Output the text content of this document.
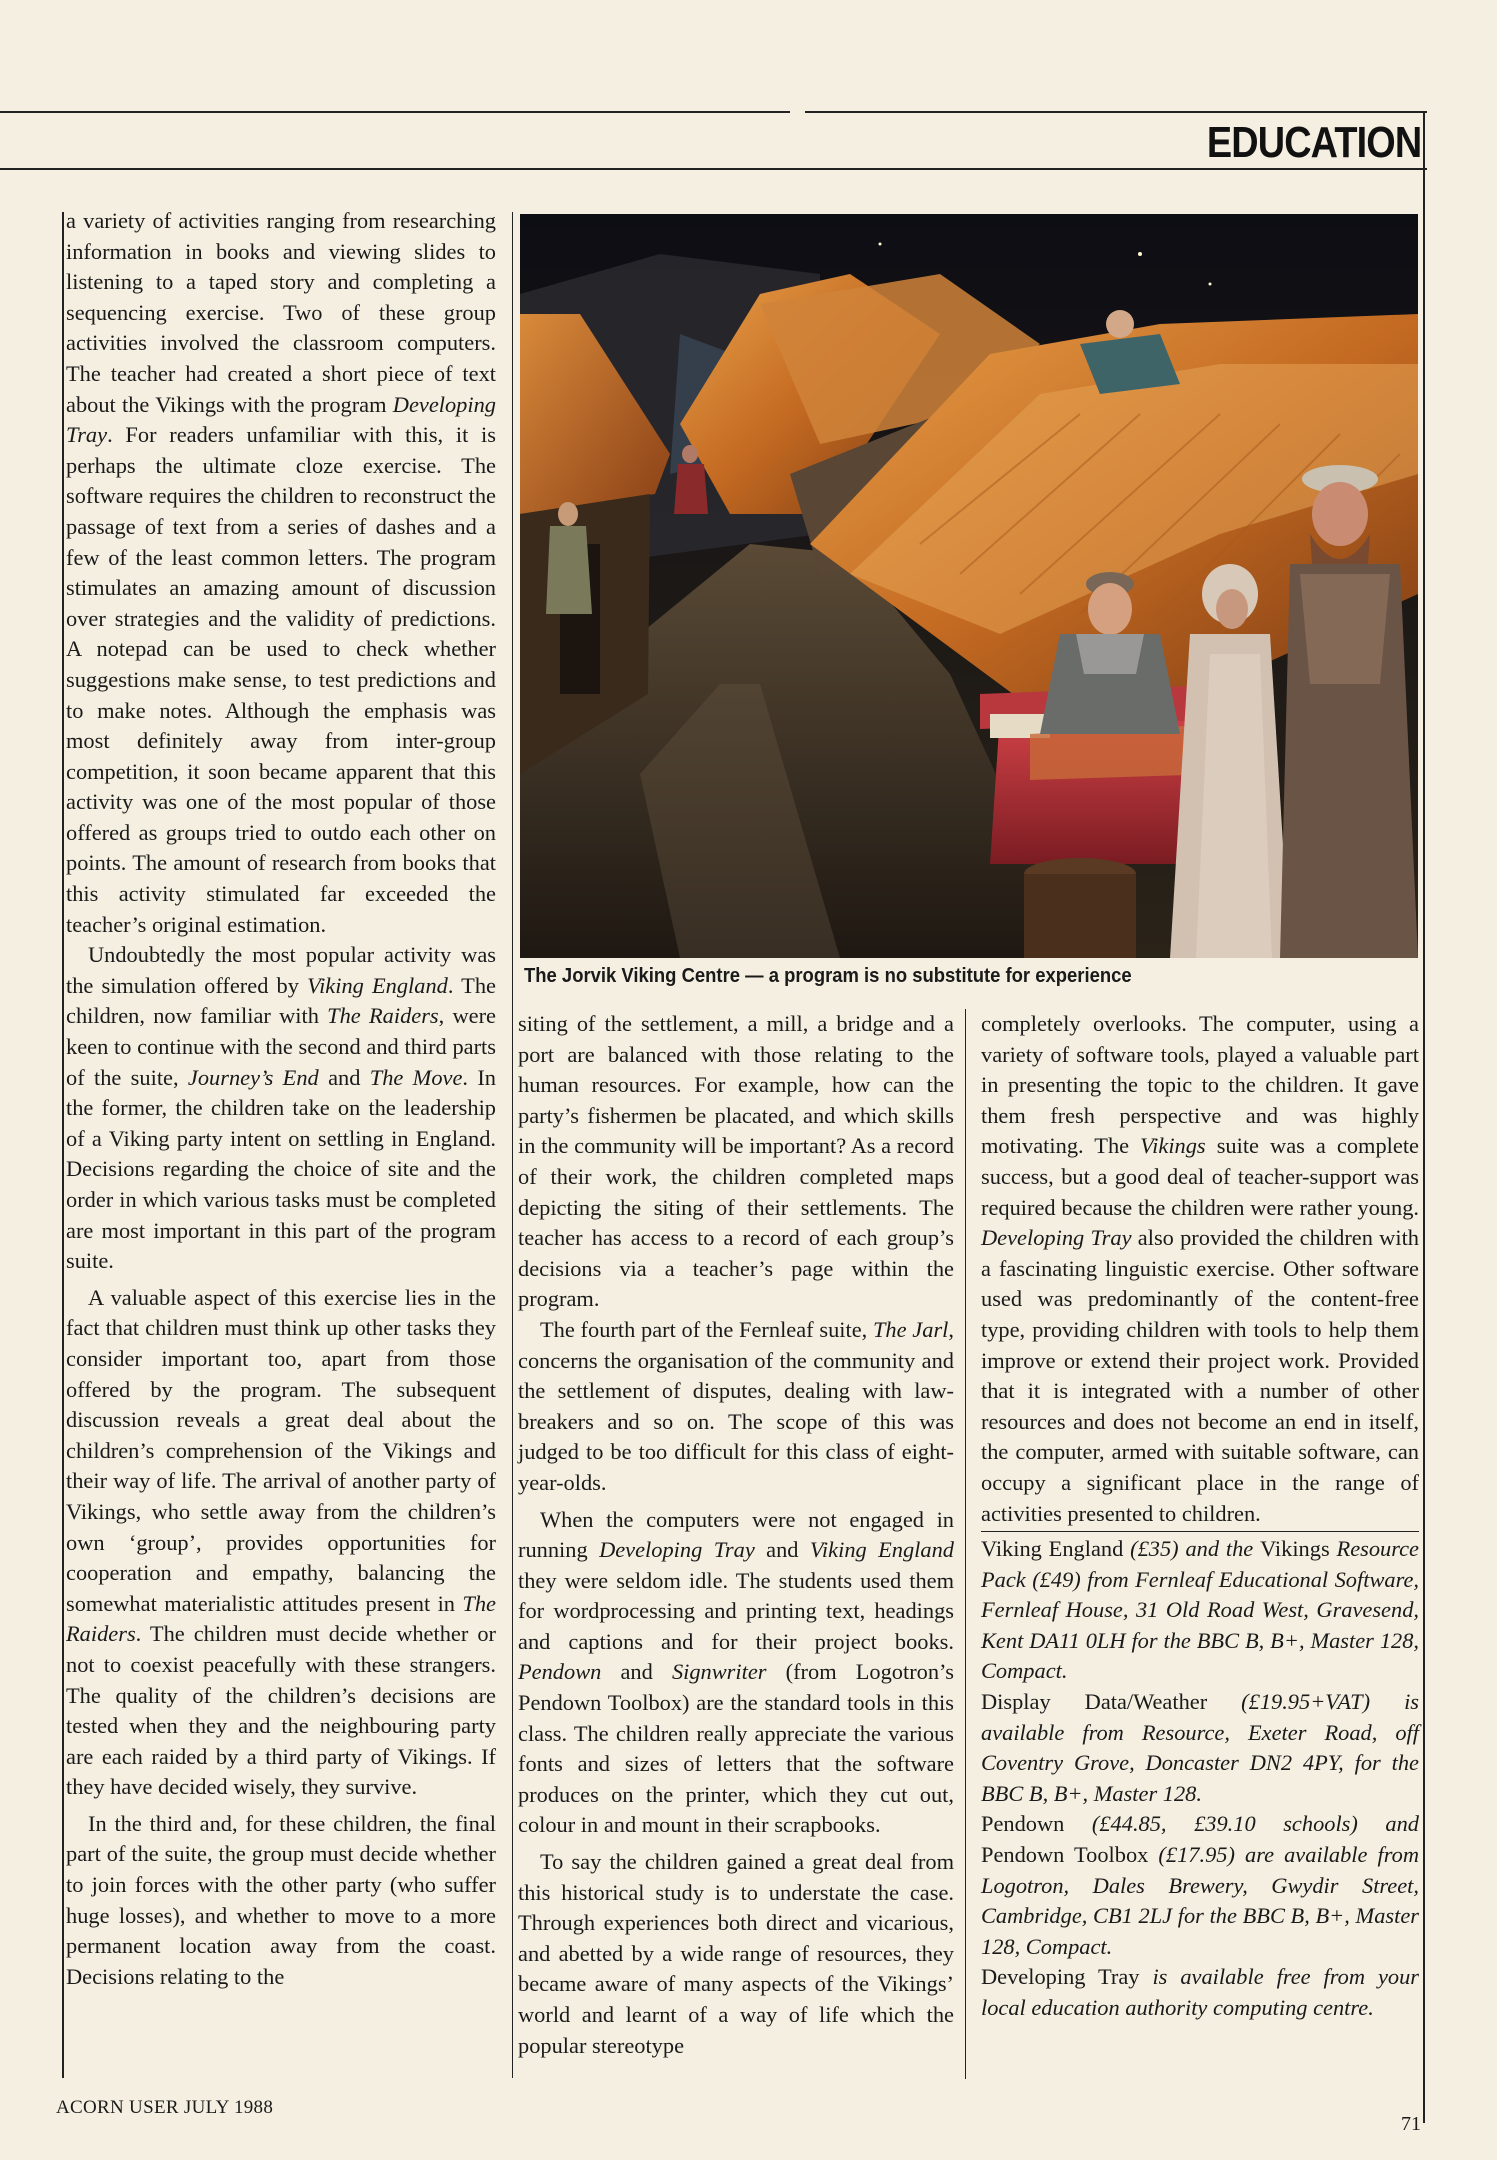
EDUCATION

a variety of activities ranging from researching information in books and viewing slides to listening to a taped story and completing a sequencing exercise. Two of these group activities involved the classroom computers. The teacher had created a short piece of text about the Vikings with the program Developing Tray. For readers unfamiliar with this, it is perhaps the ultimate cloze exercise. The software requires the children to reconstruct the passage of text from a series of dashes and a few of the least common letters. The program stimulates an amazing amount of discussion over strategies and the validity of predictions. A notepad can be used to check whether suggestions make sense, to test predictions and to make notes. Although the emphasis was most definitely away from inter-group competition, it soon became apparent that this activity was one of the most popular of those offered as groups tried to outdo each other on points. The amount of research from books that this activity stimulated far exceeded the teacher’s original estimation.

Undoubtedly the most popular activity was the simulation offered by Viking England. The children, now familiar with The Raiders, were keen to continue with the second and third parts of the suite, Journey’s End and The Move. In the former, the children take on the leadership of a Viking party intent on settling in England. Decisions regarding the choice of site and the order in which various tasks must be completed are most important in this part of the program suite.

A valuable aspect of this exercise lies in the fact that children must think up other tasks they consider important too, apart from those offered by the program. The subsequent discussion reveals a great deal about the children’s comprehension of the Vikings and their way of life. The arrival of another party of Vikings, who settle away from the children’s own ‘group’, provides opportunities for cooperation and empathy, balancing the somewhat materialistic attitudes present in The Raiders. The children must decide whether or not to coexist peacefully with these strangers. The quality of the children’s decisions are tested when they and the neighbouring party are each raided by a third party of Vikings. If they have decided wisely, they survive.

In the third and, for these children, the final part of the suite, the group must decide whether to join forces with the other party (who suffer huge losses), and whether to move to a more permanent location away from the coast. Decisions relating to the

The Jorvik Viking Centre — a program is no substitute for experience

siting of the settlement, a mill, a bridge and a port are balanced with those relating to the human resources. For example, how can the party’s fishermen be placated, and which skills in the community will be important? As a record of their work, the children completed maps depicting the siting of their settlements. The teacher has access to a record of each group’s decisions via a teacher’s page within the program.

The fourth part of the Fernleaf suite, The Jarl, concerns the organisation of the community and the settlement of disputes, dealing with law-breakers and so on. The scope of this was judged to be too difficult for this class of eight-year-olds.

When the computers were not engaged in running Developing Tray and Viking England they were seldom idle. The students used them for wordprocessing and printing text, headings and captions and for their project books. Pendown and Signwriter (from Logotron’s Pendown Toolbox) are the standard tools in this class. The children really appreciate the various fonts and sizes of letters that the software produces on the printer, which they cut out, colour in and mount in their scrapbooks.

To say the children gained a great deal from this historical study is to understate the case. Through experiences both direct and vicarious, and abetted by a wide range of resources, they became aware of many aspects of the Vikings’ world and learnt of a way of life which the popular stereotype

completely overlooks. The computer, using a variety of software tools, played a valuable part in presenting the topic to the children. It gave them fresh perspective and was highly motivating. The Vikings suite was a complete success, but a good deal of teacher-support was required because the children were rather young. Developing Tray also provided the children with a fascinating linguistic exercise. Other software used was predominantly of the content-free type, providing children with tools to help them improve or extend their project work. Provided that it is integrated with a number of other resources and does not become an end in itself, the computer, armed with suitable software, can occupy a significant place in the range of activities presented to children.

Viking England (£35) and the Vikings Resource Pack (£49) from Fernleaf Educational Software, Fernleaf House, 31 Old Road West, Gravesend, Kent DA11 0LH for the BBC B, B+, Master 128, Compact.

Display Data/Weather (£19.95+VAT) is available from Resource, Exeter Road, off Coventry Grove, Doncaster DN2 4PY, for the BBC B, B+, Master 128.

Pendown (£44.85, £39.10 schools) and Pendown Toolbox (£17.95) are available from Logotron, Dales Brewery, Gwydir Street, Cambridge, CB1 2LJ for the BBC B, B+, Master 128, Compact.

Developing Tray is available free from your local education authority computing centre.

ACORN USER JULY 1988
71
